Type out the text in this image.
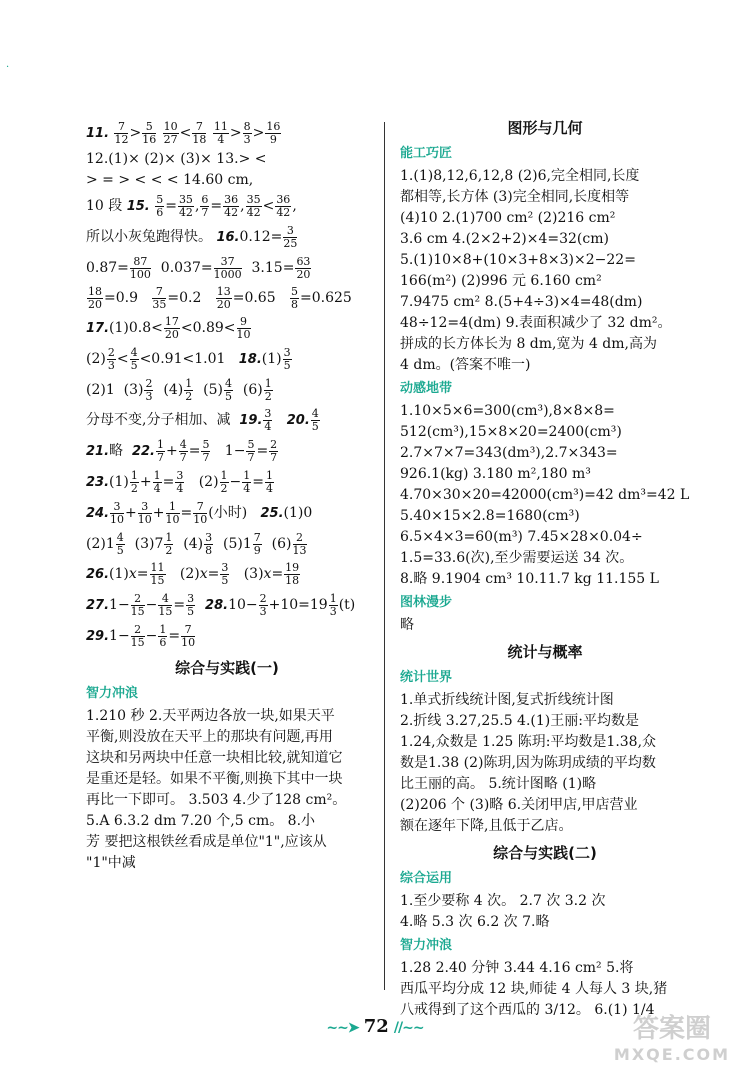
·

11. $\frac{7}{12} > \frac{5}{16}$
$\frac{10}{27} < \frac{7}{18}$
$\frac{11}{4} > \frac{8}{3} > \frac{16}{9}$

12.(1)× (2)× (3)× 13.> <

> = > < < < 14.60 cm,

10 段 15. $\frac{5}{6} = \frac{35}{42}$ , $\frac{6}{7} = \frac{36}{42}$ , $\frac{35}{42} < \frac{36}{42}$ ,

所以小灰兔跑得快。 $16.0.12= \frac{3}{25}$

$0.87= \frac{87}{100} 0.037= \frac{37}{1000} 3.15= \frac{63}{20}$

$\frac{18}{20} =0.9 \frac{7}{35} =0.2 \frac{13}{20} =0.65 \frac{5}{8} =0.625$

$17.(1)0.8< \frac{17}{20} <0.89< \frac{9}{10}$

$(2) \frac{2}{3} < \frac{4}{5} <0.91<1.01$   $18.(1) \frac{3}{5}$

(2)1  $(3) \frac{2}{3} (4) \frac{1}{2} (5) \frac{4}{5} (6) \frac{1}{2}$

分母不变,分子相加、减  19. $\frac{3}{4} 20$. $\frac{4}{5}$

21.略  22. $\frac{1}{7} + \frac{4}{7} = \frac{5}{7} 1- \frac{5}{7} = \frac{2}{7}$

$23.(1) \frac{1}{2} + \frac{1}{4} = \frac{3}{4} (2) \frac{1}{2} - \frac{1}{4} = \frac{1}{4}$

24. $\frac{3}{10} + \frac{3}{10} + \frac{1}{10} = \frac{7}{10}$ (小时)   25.(1)0

$(2)1 \frac{4}{5} (3)7 \frac{1}{2} (4) \frac{3}{8} (5)1 \frac{7}{9} (6) \frac{2}{13}$

$26.(1)x= \frac{11}{15} (2)x= \frac{3}{5} (3)x= \frac{19}{18}$

$27.1- \frac{2}{15} - \frac{4}{15} = \frac{3}{5} 28.10- \frac{2}{3} +10=19 \frac{1}{3} (t)$

$29.1- \frac{2}{15} - \frac{1}{6} = \frac{7}{10}$

综合与实践(一)
智力冲浪

1.210 秒 2.天平两边各放一块,如果天平

平衡,则没放在天平上的那块有问题,再用

这块和另两块中任意一块相比较,就知道它

是重还是轻。如果不平衡,则换下其中一块

再比一下即可。 3.503 4.少了128 cm²。

5.A 6.3.2 dm 7.20 个,5 cm。 8.小

芳 要把这根铁丝看成是单位"1",应该从

"1"中减

图形与几何
能工巧匠

1.(1)8,12,6,12,8 (2)6,完全相同,长度

都相等,长方体 (3)完全相同,长度相等

(4)10 2.(1)700 cm² (2)216 cm²

3.6 cm 4.(2×2+2)×4=32(cm)

5.(1)10×8+(10×3+8×3)×2−22=

166(m²) (2)996 元 6.160 cm²

7.9475 cm² 8.(5+4÷3)×4=48(dm)

48÷12=4(dm) 9.表面积减少了 32 dm²。

拼成的长方体长为 8 dm,宽为 4 dm,高为

4 dm。(答案不唯一)

动感地带

1.10×5×6=300(cm³),8×8×8=

512(cm³),15×8×20=2400(cm³)

2.7×7×7=343(dm³),2.7×343=

926.1(kg) 3.180 m²,180 m³

4.70×30×20=42000(cm³)=42 dm³=42 L

5.40×15×2.8=1680(cm³)

6.5×4×3=60(m³) 7.45×28×0.04÷

1.5=33.6(次),至少需要运送 34 次。

8.略 9.1904 cm³ 10.11.7 kg 11.155 L

图林漫步

略

统计与概率
统计世界

1.单式折线统计图,复式折线统计图

2.折线 3.27,25.5 4.(1)王丽:平均数是

1.24,众数是 1.25 陈玥:平均数是1.38,众

数是1.38 (2)陈玥,因为陈玥成绩的平均数

比王丽的高。 5.统计图略 (1)略

(2)206 个 (3)略 6.关闭甲店,甲店营业

额在逐年下降,且低于乙店。

综合与实践(二)
综合运用

1.至少要称 4 次。 2.7 次 3.2 次

4.略 5.3 次 6.2 次 7.略

智力冲浪

1.28 2.40 分钟 3.44 4.16 cm² 5.将

西瓜平均分成 12 块,师徒 4 人每人 3 块,猪

八戒得到了这个西瓜的 3/12。 6.(1) 1/4

~~➤ 72 //~~	答案圈
MXQE.COM
